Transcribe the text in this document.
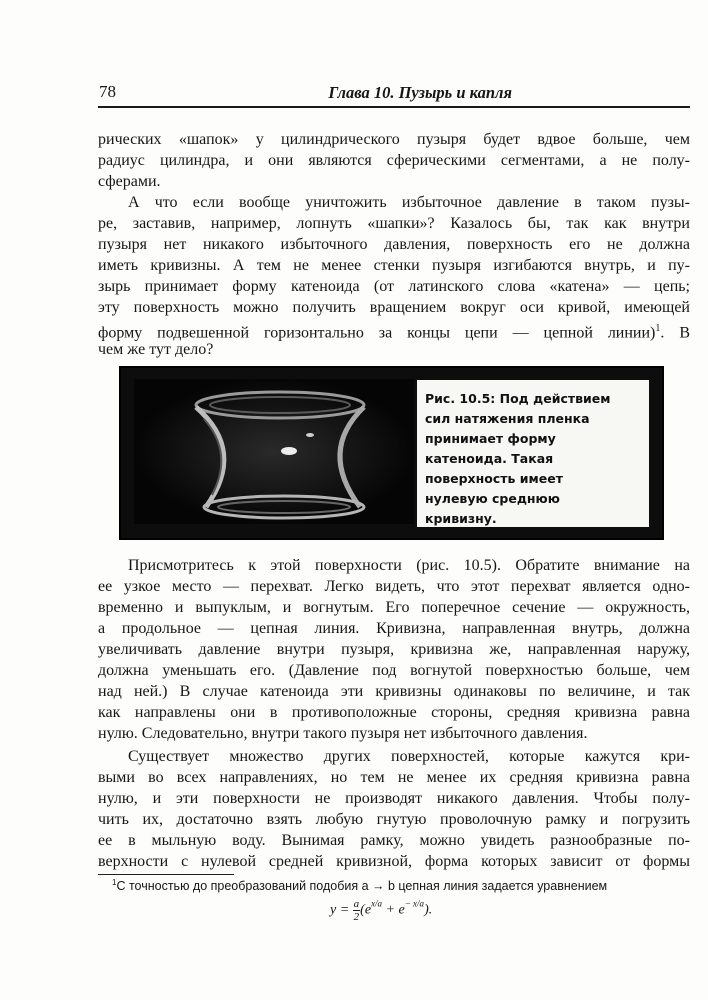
78	Глава 10. Пузырь и капля

рических «шапок» у цилиндрического пузыря будет вдвое больше, чем

радиус цилиндра, и они являются сферическими сегментами, а не полу-

сферами.

А что если вообще уничтожить избыточное давление в таком пузы-

ре, заставив, например, лопнуть «шапки»? Казалось бы, так как внутри

пузыря нет никакого избыточного давления, поверхность его не должна

иметь кривизны. А тем не менее стенки пузыря изгибаются внутрь, и пу-

зырь принимает форму катеноида (от латинского слова «катена» — цепь;

эту поверхность можно получить вращением вокруг оси кривой, имеющей

форму подвешенной горизонтально за концы цепи — цепной линии)$^1$. В

чем же тут дело?

Рис. 10.5: Под действием
сил натяжения пленка
принимает форму
катеноида. Такая
поверхность имеет
нулевую среднюю
кривизну.

Присмотритесь к этой поверхности (рис. 10.5). Обратите внимание на

ее узкое место — перехват. Легко видеть, что этот перехват является одно-

временно и выпуклым, и вогнутым. Его поперечное сечение — окружность,

а продольное — цепная линия. Кривизна, направленная внутрь, должна

увеличивать давление внутри пузыря, кривизна же, направленная наружу,

должна уменьшать его. (Давление под вогнутой поверхностью больше, чем

над ней.) В случае катеноида эти кривизны одинаковы по величине, и так

как направлены они в противоположные стороны, средняя кривизна равна

нулю. Следовательно, внутри такого пузыря нет избыточного давления.

Существует множество других поверхностей, которые кажутся кри-

выми во всех направлениях, но тем не менее их средняя кривизна равна

нулю, и эти поверхности не производят никакого давления. Чтобы полу-

чить их, достаточно взять любую гнутую проволочную рамку и погрузить

ее в мыльную воду. Вынимая рамку, можно увидеть разнообразные по-

верхности с нулевой средней кривизной, форма которых зависит от формы

$^1$С точностью до преобразований подобия a → b цепная линия задается уравнением
$y = \frac{a}{2} (e^{x/a} + e^{- x/a})$.
